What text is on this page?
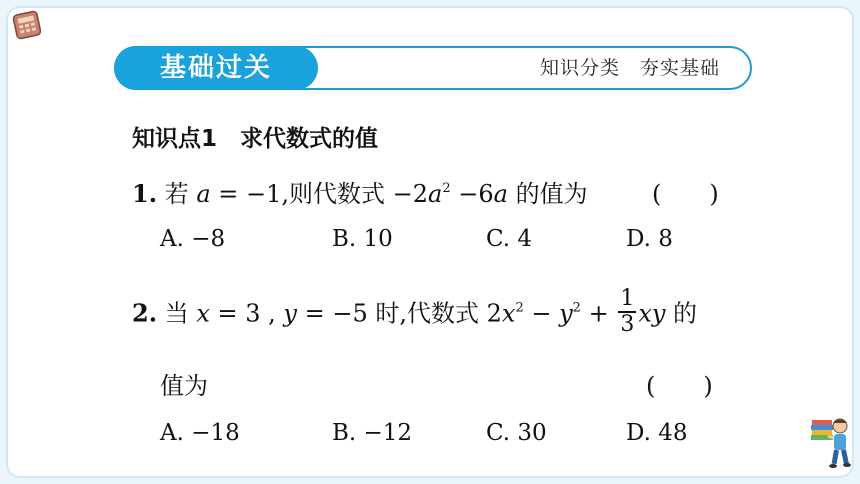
基础过关	知识分类　夯实基础
知识点1　 求代数式的值
1. 若 a = −1,则代数式 $-2a^2 -6a$ 的值为	(　　)
A. −8	B. 10	C. 4	D. 8
2. 当 x = 3 , y = −5 时,代数式 $2x^2 - y^2 + \frac{1}{3}$ xy 的
值为	(　　)
A. −18	B. −12	C. 30	D. 48
